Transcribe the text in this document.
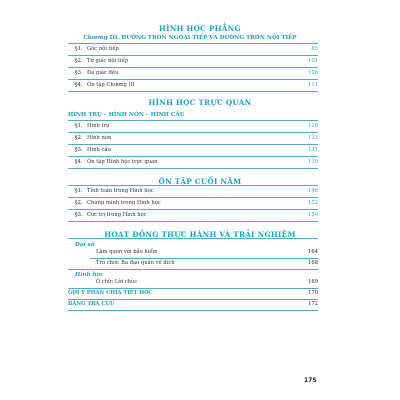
HÌNH HỌC PHẲNG
Chương III. ĐƯỜNG TRÒN NGOẠI TIẾP VÀ ĐƯỜNG TRÒN NỘI TIẾP
§1. Góc nội tiếp	85
§2. Tứ giác nội tiếp	101
§3. Đa giác đều	106
§4. Ôn tập Chương III	111
HÌNH HỌC TRỰC QUAN
HÌNH TRỤ – HÌNH NÓN – HÌNH CẦU
§1. Hình trụ	116
§2. Hình nón	123
§3. Hình cầu	131
§4. Ôn tập Hình học trực quan	139
ÔN TẬP CUỐI NĂM
§1. Tính toán trong Hình học	146
§2. Chứng minh trong Hình học	152
§3. Cực trị trong Hình học	159
HOẠT ĐỘNG THỰC HÀNH VÀ TRẢI NGHIỆM
Đại số
Làm quen với bảo hiểm	164
Trò chơi: Ba đạo quân về đích	168
Hình học
Ô chữ: Lời chúc	169
GỢI Ý PHÂN CHIA TIẾT HỌC	170
BẢNG TRA CỨU	172
175
